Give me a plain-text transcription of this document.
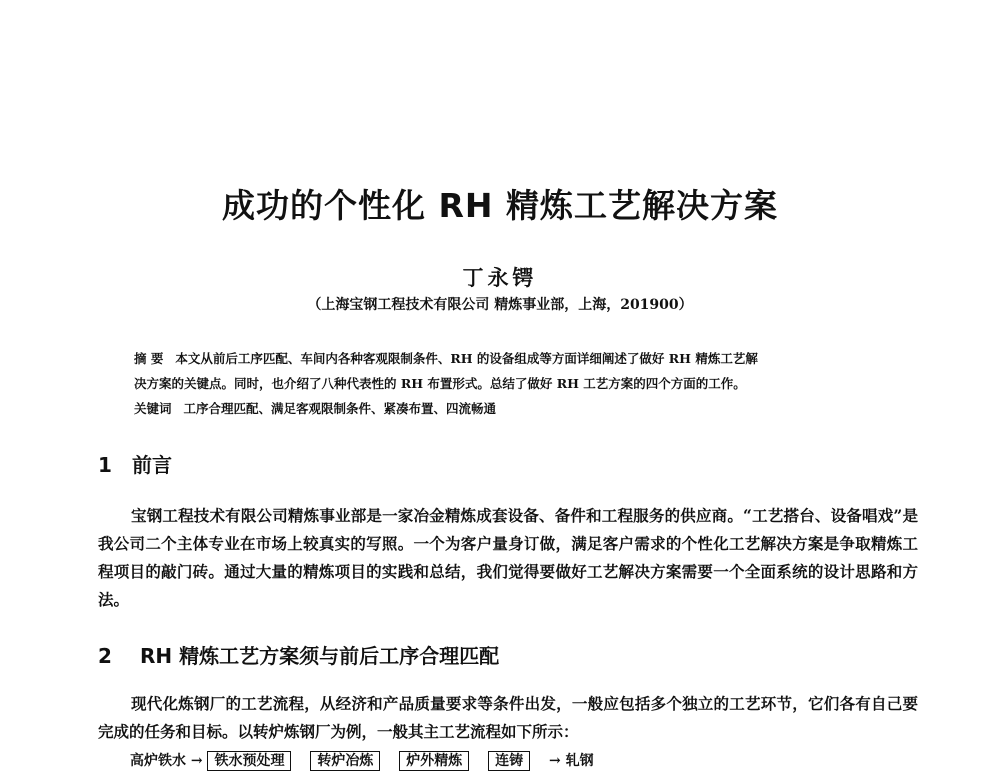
成功的个性化 RH 精炼工艺解决方案
丁永锷
（上海宝钢工程技术有限公司 精炼事业部，上海，201900）

摘 要 本文从前后工序匹配、车间内各种客观限制条件、RH 的设备组成等方面详细阐述了做好 RH 精炼工艺解

决方案的关键点。同时，也介绍了八种代表性的 RH 布置形式。总结了做好 RH 工艺方案的四个方面的工作。

关键词 工序合理匹配、满足客观限制条件、紧凑布置、四流畅通

1 前言

宝钢工程技术有限公司精炼事业部是一家冶金精炼成套设备、备件和工程服务的供应商。“工艺搭台、设备唱戏”是我公司二个主体专业在市场上较真实的写照。一个为客户量身订做，满足客户需求的个性化工艺解决方案是争取精炼工程项目的敲门砖。通过大量的精炼项目的实践和总结，我们觉得要做好工艺解决方案需要一个全面系统的设计思路和方法。

2 RH 精炼工艺方案须与前后工序合理匹配

现代化炼钢厂的工艺流程，从经济和产品质量要求等条件出发，一般应包括多个独立的工艺环节，它们各有自己要完成的任务和目标。以转炉炼钢厂为例，一般其主工艺流程如下所示：

高炉铁水 → 铁水预处理 转炉冶炼 炉外精炼 连铸 → 轧钢
